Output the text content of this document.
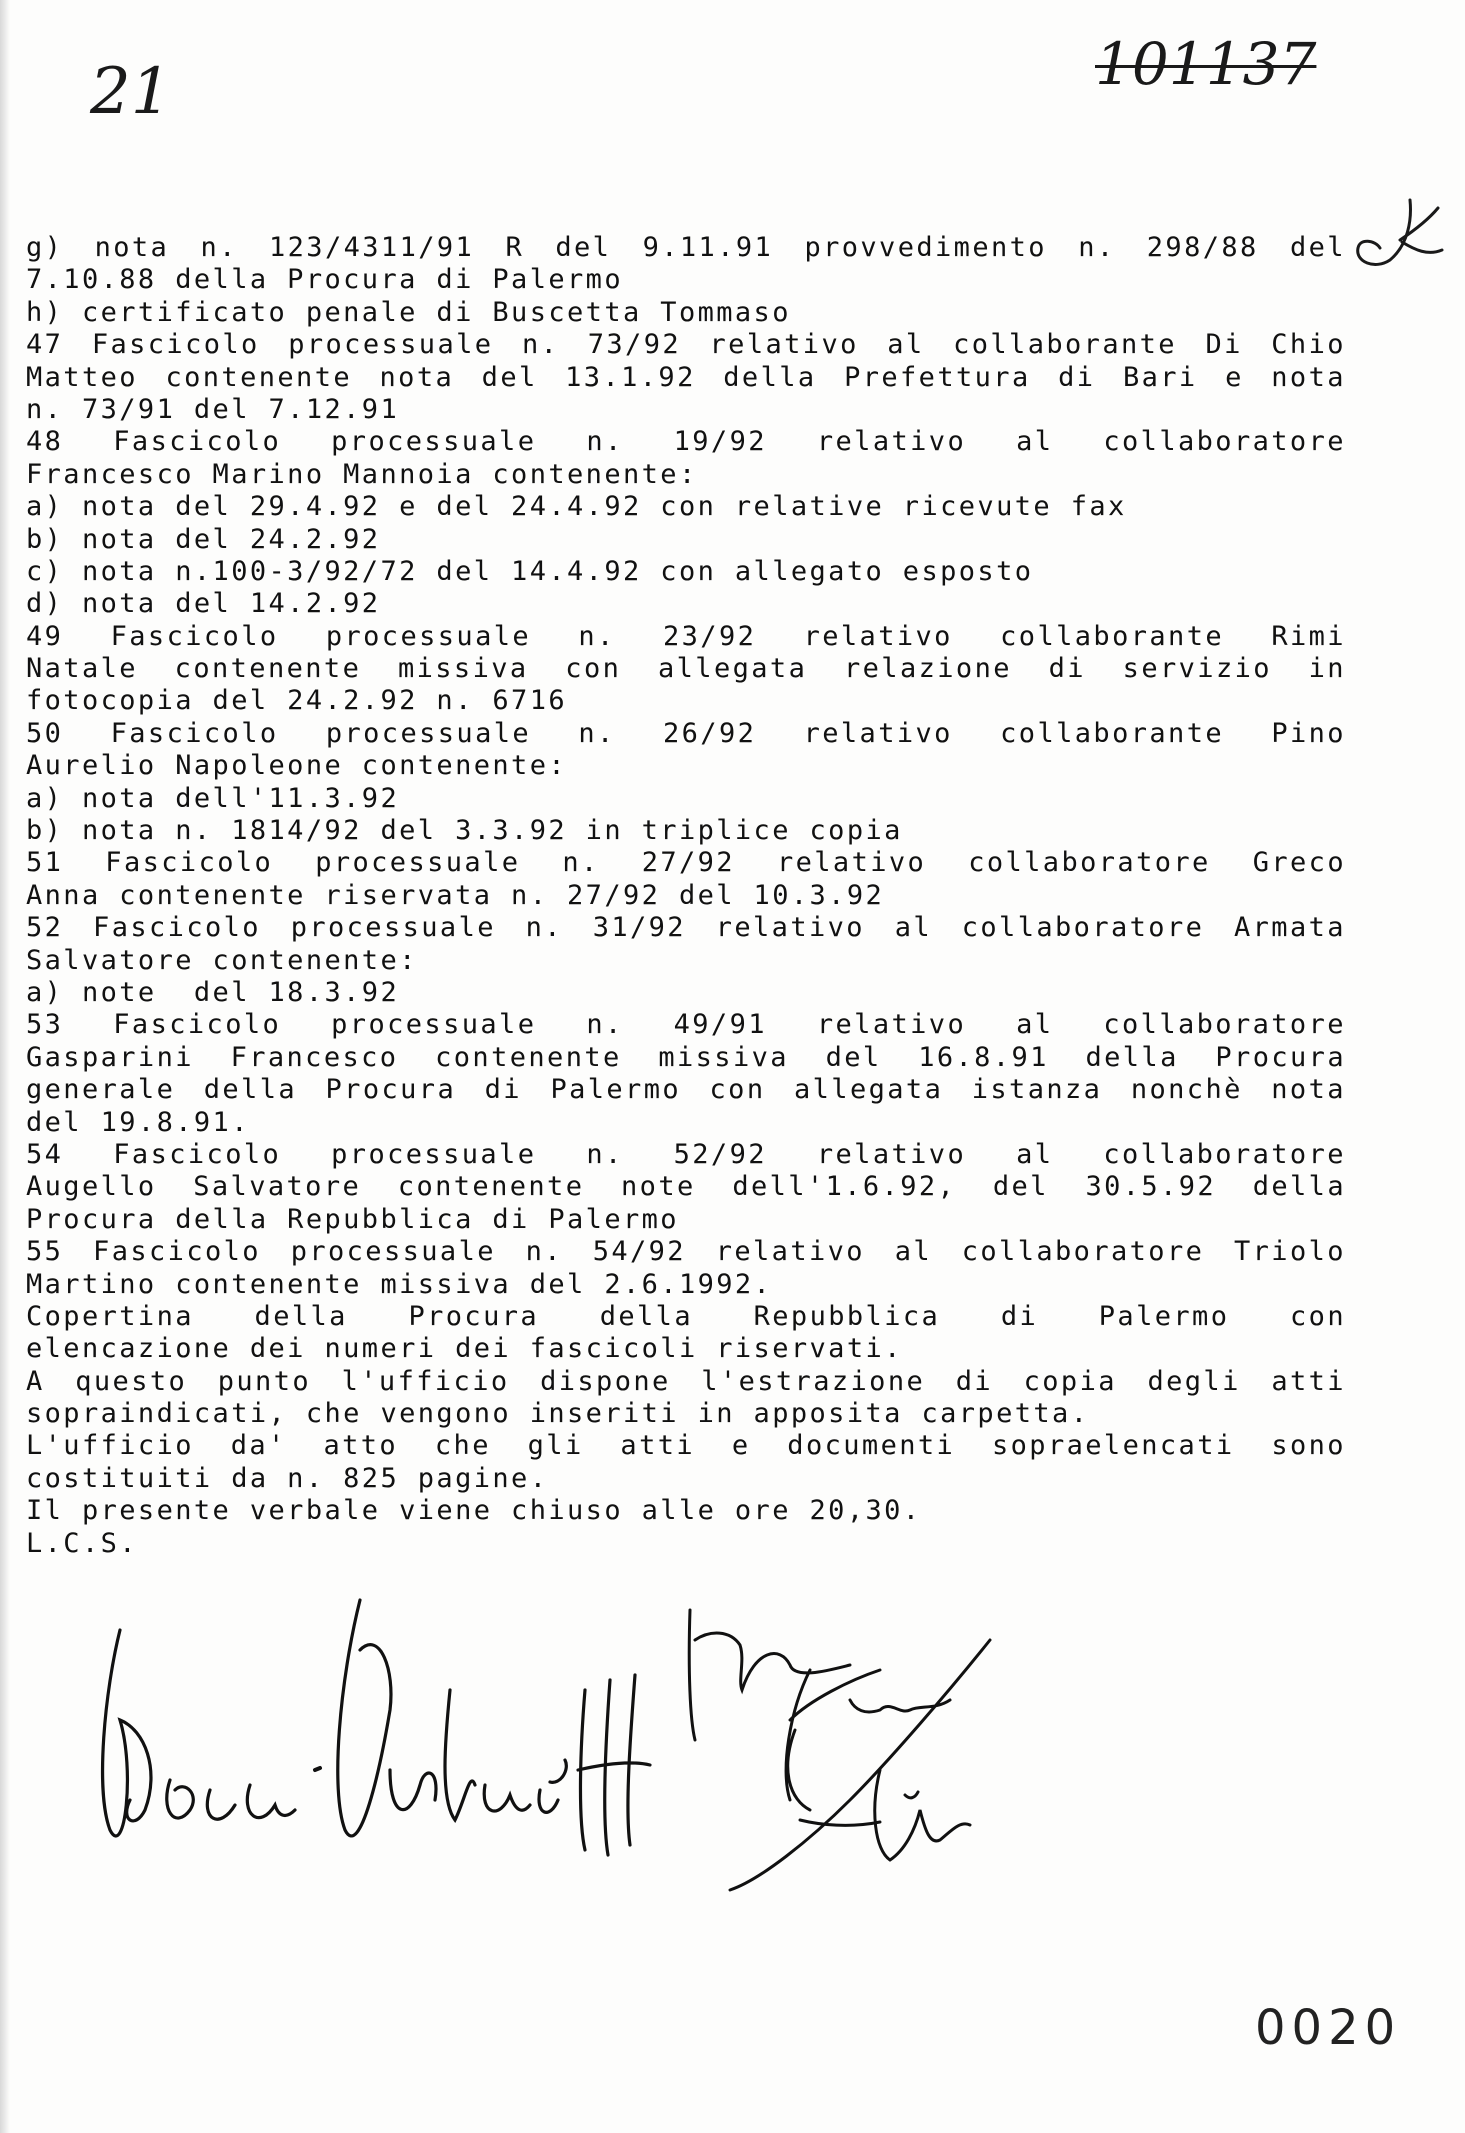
21	101137
g) nota n. 123/4311/91 R del 9.11.91 provvedimento n. 298/88 del
7.10.88 della Procura di Palermo
h) certificato penale di Buscetta Tommaso
47 Fascicolo processuale n. 73/92 relativo al collaborante Di Chio
Matteo contenente nota del 13.1.92 della Prefettura di Bari e nota
n. 73/91 del 7.12.91
48 Fascicolo processuale n. 19/92 relativo al collaboratore
Francesco Marino Mannoia contenente:
a) nota del 29.4.92 e del 24.4.92 con relative ricevute fax
b) nota del 24.2.92
c) nota n.100-3/92/72 del 14.4.92 con allegato esposto
d) nota del 14.2.92
49 Fascicolo processuale n. 23/92 relativo collaborante Rimi
Natale contenente missiva con allegata relazione di servizio in
fotocopia del 24.2.92 n. 6716
50 Fascicolo processuale n. 26/92 relativo collaborante Pino
Aurelio Napoleone contenente:
a) nota dell'11.3.92
b) nota n. 1814/92 del 3.3.92 in triplice copia
51 Fascicolo processuale n. 27/92 relativo collaboratore Greco
Anna contenente riservata n. 27/92 del 10.3.92
52 Fascicolo processuale n. 31/92 relativo al collaboratore Armata
Salvatore contenente:
a) note  del 18.3.92
53 Fascicolo processuale n. 49/91 relativo al collaboratore
Gasparini Francesco contenente missiva del 16.8.91 della Procura
generale della Procura di Palermo con allegata istanza nonchè nota
del 19.8.91.
54 Fascicolo processuale n. 52/92 relativo al collaboratore
Augello Salvatore contenente note dell'1.6.92, del 30.5.92 della
Procura della Repubblica di Palermo
55 Fascicolo processuale n. 54/92 relativo al collaboratore Triolo
Martino contenente missiva del 2.6.1992.
Copertina della Procura della Repubblica di Palermo con
elencazione dei numeri dei fascicoli riservati.
A questo punto l'ufficio dispone l'estrazione di copia degli atti
sopraindicati, che vengono inseriti in apposita carpetta.
L'ufficio da' atto che gli atti e documenti sopraelencati sono
costituiti da n. 825 pagine.
Il presente verbale viene chiuso alle ore 20,30.
L.C.S.
0020
